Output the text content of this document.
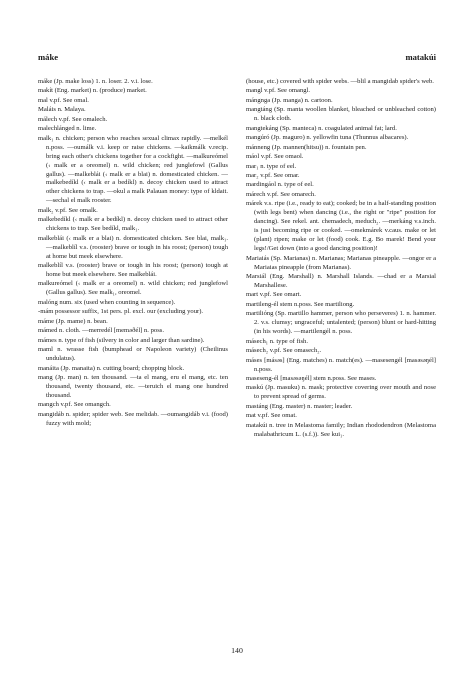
máke	matakúi

máke (Jp. make loss) 1. n. loser. 2. v.i. lose.

makít (Eng. market) n. (produce) market.

mal v.pf. See omal.

Maláis n. Malaya.

málech v.pf. See omalech.

malechlánged n. lime.

malk₁ n. chicken; person who reaches sexual climax rapidly. —melkél n.poss. —oumálk v.i. keep or raise chickens. —kaikmálk v.recip. bring each other's chickens together for a cockfight. —malkureómel (‹ malk er a oreomel) n. wild chicken; red junglefowl (Gallus gallus). —malkeblái (‹ malk er a blai) n. domesticated chicken. —malkebedíkl (‹ malk er a bedíkl) n. decoy chicken used to attract other chickens to trap. —okul a malk Palauan money: type of kldait. —sechal el malk rooster.

malk₂ v.pf. See omalk.

malkebedíkl (‹ malk er a bedíkl) n. decoy chicken used to attract other chickens to trap. See bedíkl, malk₁.

malkeblái (‹ malk er a blai) n. domesticated chicken. See blai, malk₁. —malkeblíl v.s. (rooster) brave or tough in his roost; (person) tough at home but meek elsewhere.

malkeblíl v.s. (rooster) brave or tough in his roost; (person) tough at home but meek elsewhere. See malkeblái.

malkureómel (‹ malk er a oreomel) n. wild chicken; red junglefowl (Gallus gallus). See malk₁, oreomel.

malóng num. six (used when counting in sequence).

-mám possessor suffix, 1st pers. pl. excl. our (excluding your).

máme (Jp. mame) n. bean.

mámed n. cloth. —merredél [meməðél] n. poss.

mámes n. type of fish (silvery in color and larger than sardine).

maml n. wrasse fish (bumphead or Napoleon variety) (Cheilinus undulatus).

manáita (Jp. manaita) n. cutting board; chopping block.

mang (Jp. man) n. ten thousand. —ta el mang, eru el mang, etc. ten thousand, twenty thousand, etc. —teruich el mang one hundred thousand.

mangch v.pf. See omangch.

mangidáb n. spider; spider web. See melidab. —oumangidáb v.i. (food) fuzzy with mold;

(house, etc.) covered with spider webs. —blil a mangidab spider's web.

mangl v.pf. See omangl.

mángnga (Jp. manga) n. cartoon.

mangtáng (Sp. manta woollen blanket, bleached or unbleached cotton) n. black cloth.

mangtekáng (Sp. manteca) n. coagulated animal fat; lard.

mangúró (Jp. maguro) n. yellowfin tuna (Thunnus albacares).

mánneng (Jp. mannen(hitsu)) n. fountain pen.

máol v.pf. See omaol.

mar₁ n. type of eel.

mar₂ v.pf. See omar.

mardingáol n. type of eel.

márech v.pf. See omarech.

márek v.s. ripe (i.e., ready to eat); cooked; be in a half-standing position (with legs bent) when dancing (i.e., the right or "ripe" position for dancing). See rekel. ant. chemadech, meduch₂. —merkáng v.s.inch. is just becoming ripe or cooked. —omekmárek v.caus. make or let (plant) ripen; make or let (food) cook. E.g. Bo marek! Bend your legs!/Get down (into a good dancing position)!

Mariaiás (Sp. Marianas) n. Marianas; Marianas pineapple. —ongor er a Mariaias pineapple (from Marianas).

Marsiál (Eng. Marshall) n. Marshall Islands. —chad er a Marsial Marshallese.

mart v.pf. See omart.

martileng-él stem n.poss. See martiliong.

martilióng (Sp. martillo hammer, person who perseveres) 1. n. hammer. 2. v.s. clumsy; ungraceful; untalented; (person) blunt or hard-hitting (in his words). —martilengél n. poss.

másech₁ n. type of fish.

másech₂ v.pf. See omasech₂.

máses [másəs] (Eng. matches) n. match(es). —masesengél [masəsəŋél] n.poss.

maseseng-él [masəsəŋél] stem n.poss. See mases.

maskú (Jp. masuku) n. mask; protective covering over mouth and nose to prevent spread of germs.

mastáng (Eng. master) n. master; leader.

mat v.pf. See omat.

matakúi n. tree in Melastoma family; Indian rhododendron (Melastoma malabathricum L. (s.f.)). See kui₁.

140
